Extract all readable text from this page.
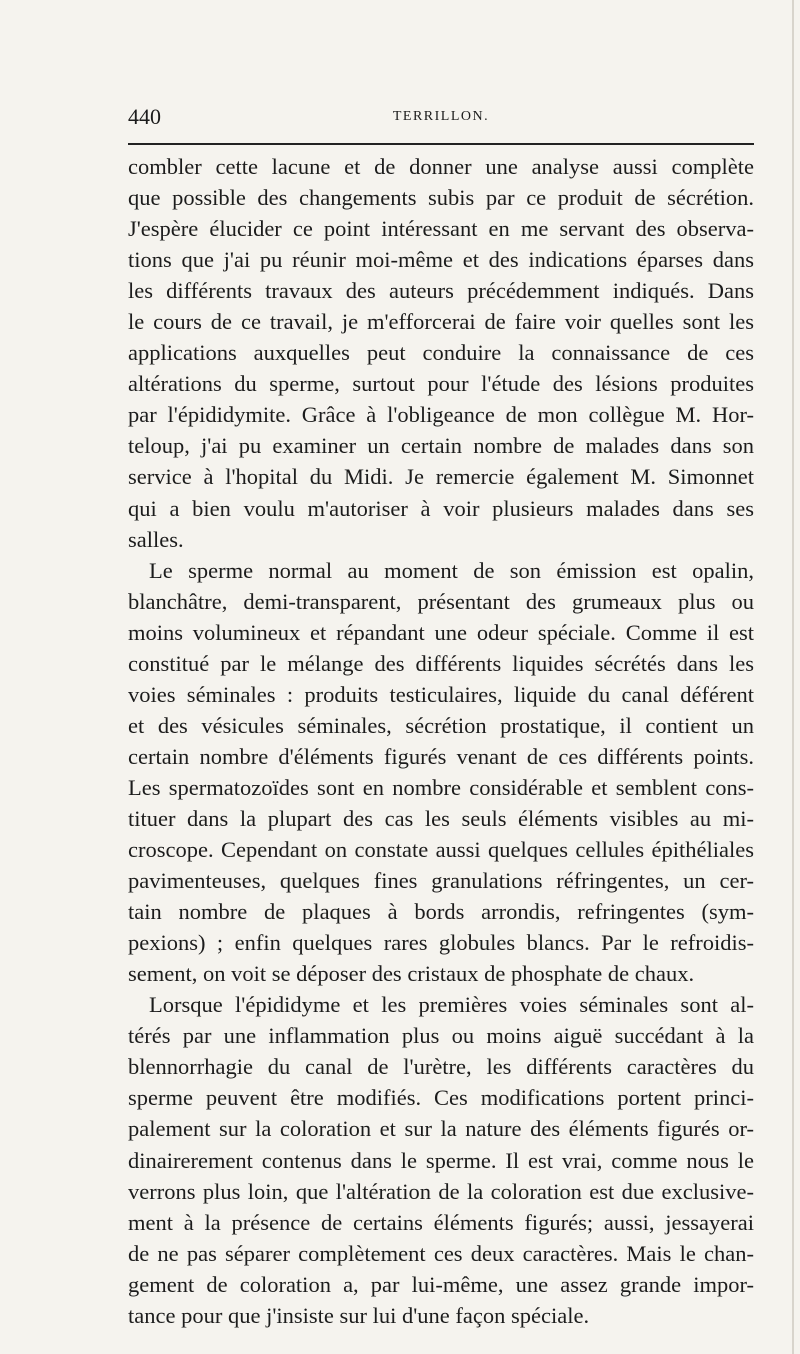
440	TERRILLON.
combler cette lacune et de donner une analyse aussi complète
que possible des changements subis par ce produit de sécrétion.
J'espère élucider ce point intéressant en me servant des observa-
tions que j'ai pu réunir moi-même et des indications éparses dans
les différents travaux des auteurs précédemment indiqués. Dans
le cours de ce travail, je m'efforcerai de faire voir quelles sont les
applications auxquelles peut conduire la connaissance de ces
altérations du sperme, surtout pour l'étude des lésions produites
par l'épididymite. Grâce à l'obligeance de mon collègue M. Hor-
teloup, j'ai pu examiner un certain nombre de malades dans son
service à l'hopital du Midi. Je remercie également M. Simonnet
qui a bien voulu m'autoriser à voir plusieurs malades dans ses
salles.
Le sperme normal au moment de son émission est opalin,
blanchâtre, demi-transparent, présentant des grumeaux plus ou
moins volumineux et répandant une odeur spéciale. Comme il est
constitué par le mélange des différents liquides sécrétés dans les
voies séminales : produits testiculaires, liquide du canal déférent
et des vésicules séminales, sécrétion prostatique, il contient un
certain nombre d'éléments figurés venant de ces différents points.
Les spermatozoïdes sont en nombre considérable et semblent cons-
tituer dans la plupart des cas les seuls éléments visibles au mi-
croscope. Cependant on constate aussi quelques cellules épithéliales
pavimenteuses, quelques fines granulations réfringentes, un cer-
tain nombre de plaques à bords arrondis, refringentes (sym-
pexions) ; enfin quelques rares globules blancs. Par le refroidis-
sement, on voit se déposer des cristaux de phosphate de chaux.
Lorsque l'épididyme et les premières voies séminales sont al-
térés par une inflammation plus ou moins aiguë succédant à la
blennorrhagie du canal de l'urètre, les différents caractères du
sperme peuvent être modifiés. Ces modifications portent princi-
palement sur la coloration et sur la nature des éléments figurés or-
dinairerement contenus dans le sperme. Il est vrai, comme nous le
verrons plus loin, que l'altération de la coloration est due exclusive-
ment à la présence de certains éléments figurés; aussi, jessayerai
de ne pas séparer complètement ces deux caractères. Mais le chan-
gement de coloration a, par lui-même, une assez grande impor-
tance pour que j'insiste sur lui d'une façon spéciale.
